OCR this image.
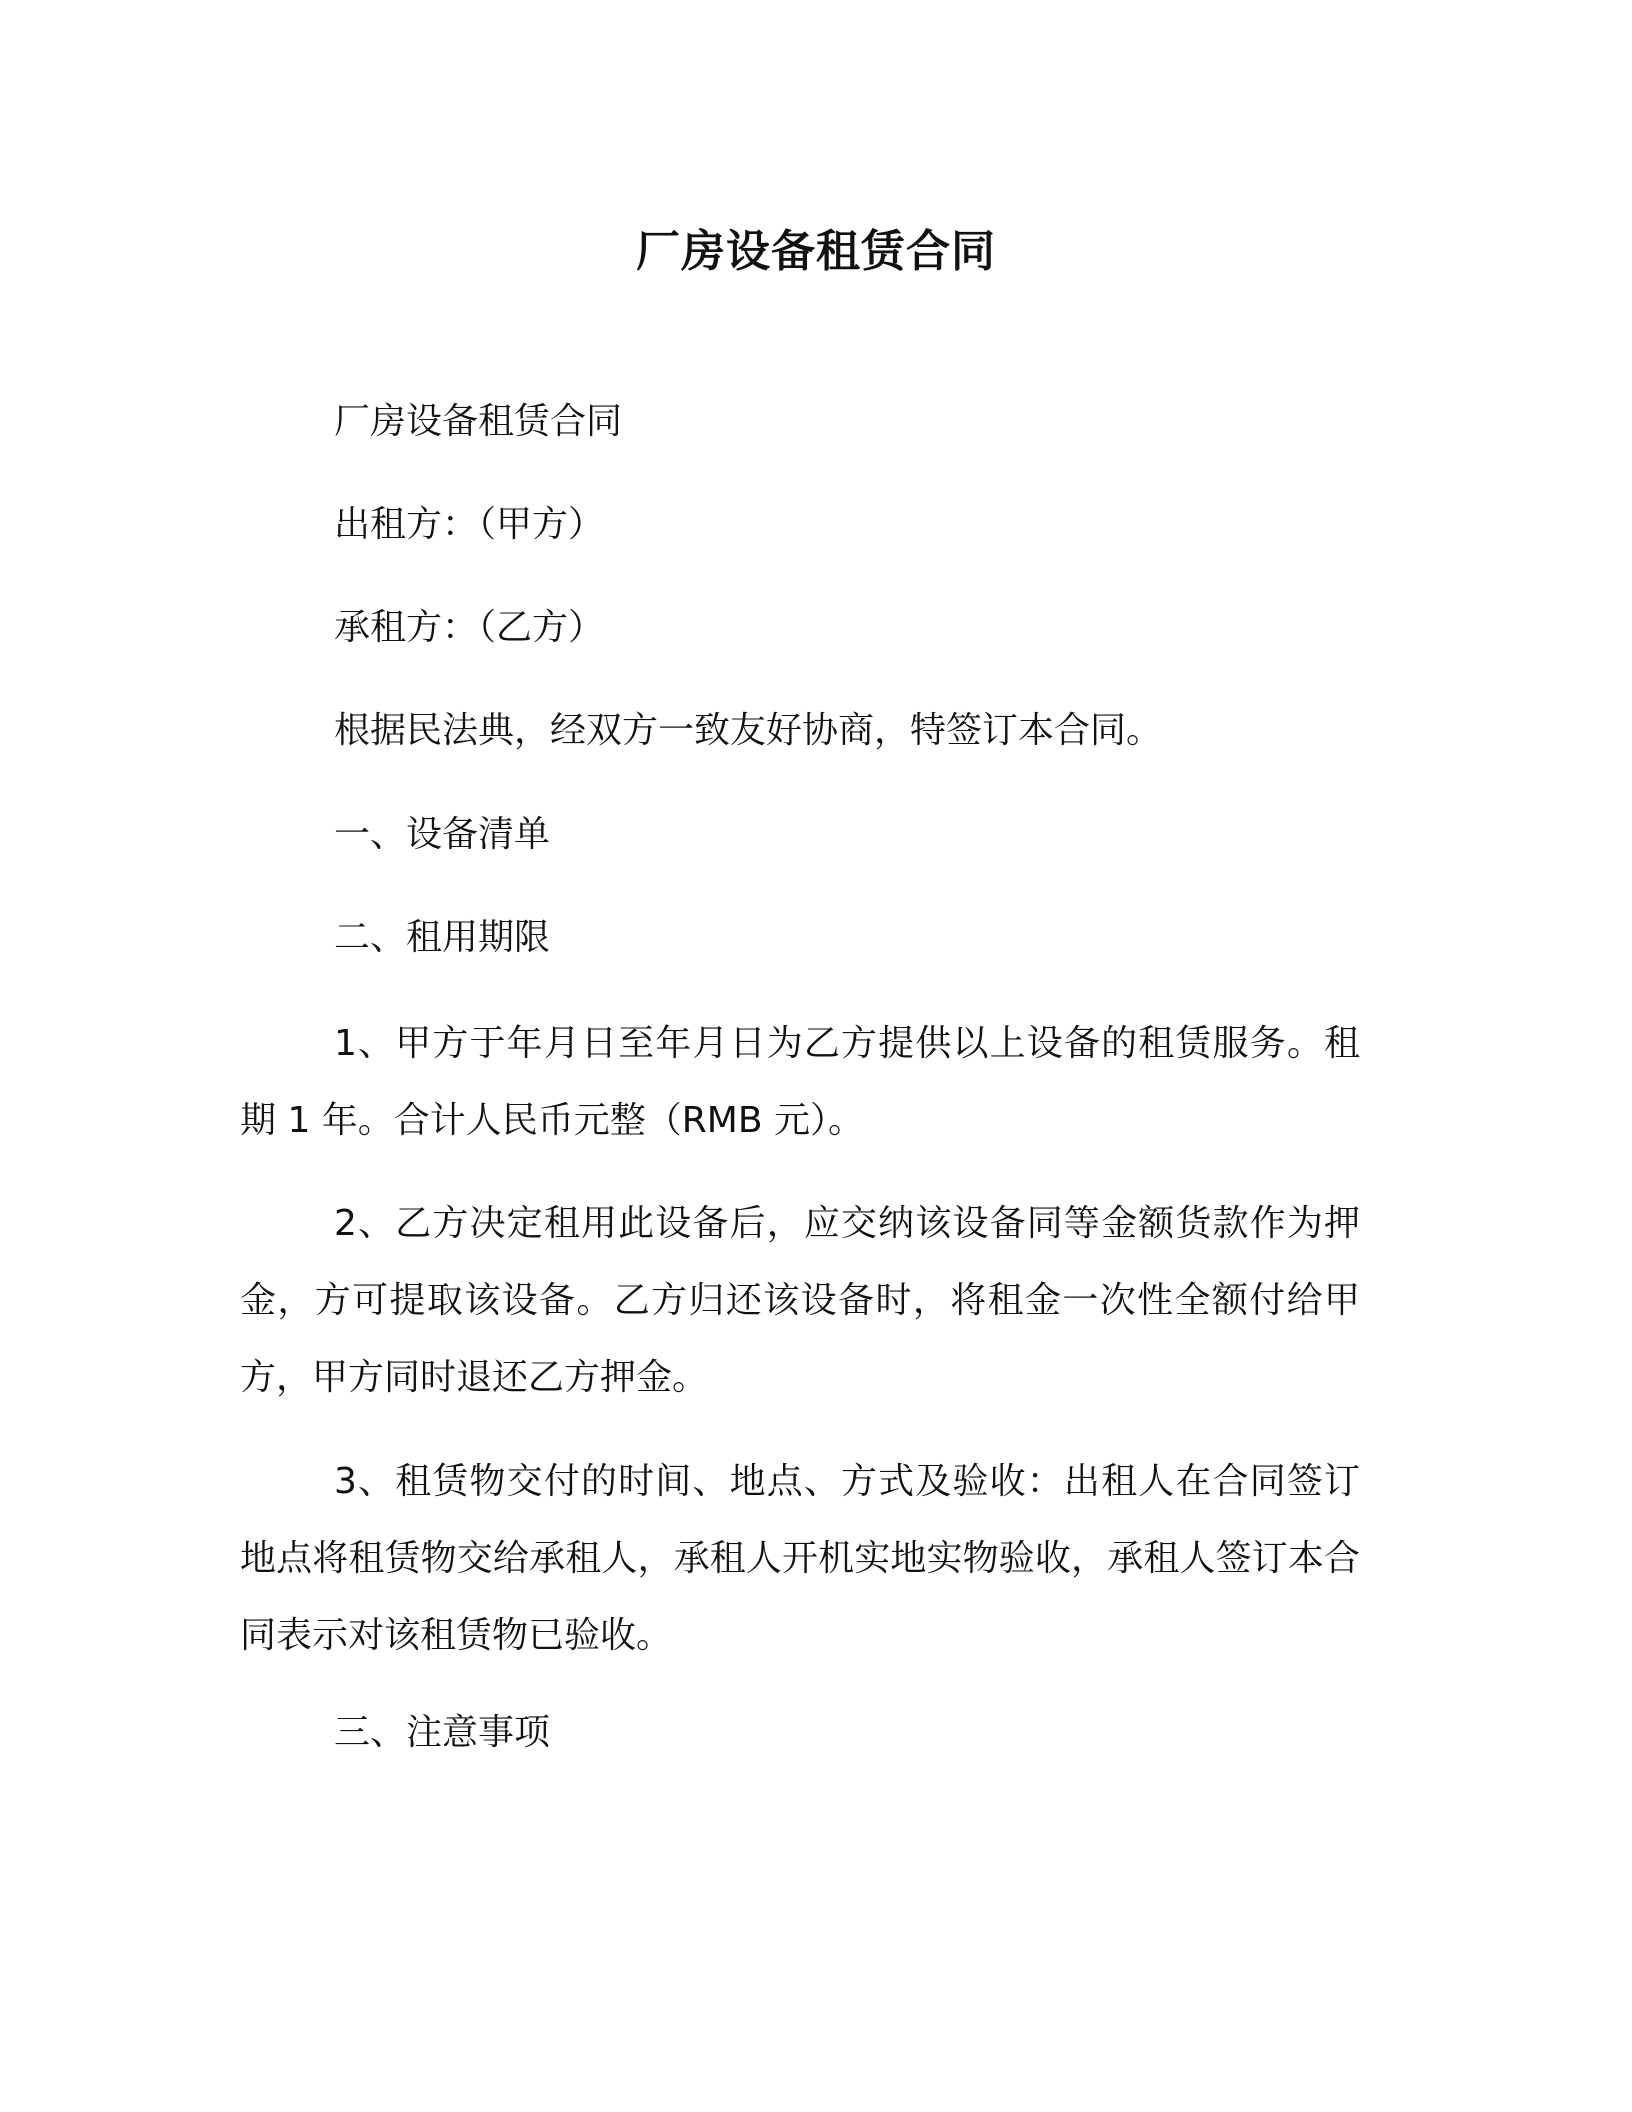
厂房设备租赁合同
厂房设备租赁合同
出租方：（甲方）
承租方：（乙方）
根据民法典，经双方一致友好协商，特签订本合同。
一、设备清单
二、租用期限

1、甲方于年月日至年月日为乙方提供以上设备的租赁服务。租期 1 年。合计人民币元整（RMB 元）。

2、乙方决定租用此设备后，应交纳该设备同等金额货款作为押金，方可提取该设备。乙方归还该设备时，将租金一次性全额付给甲方，甲方同时退还乙方押金。

3、租赁物交付的时间、地点、方式及验收：出租人在合同签订地点将租赁物交给承租人，承租人开机实地实物验收，承租人签订本合同表示对该租赁物已验收。

三、注意事项
